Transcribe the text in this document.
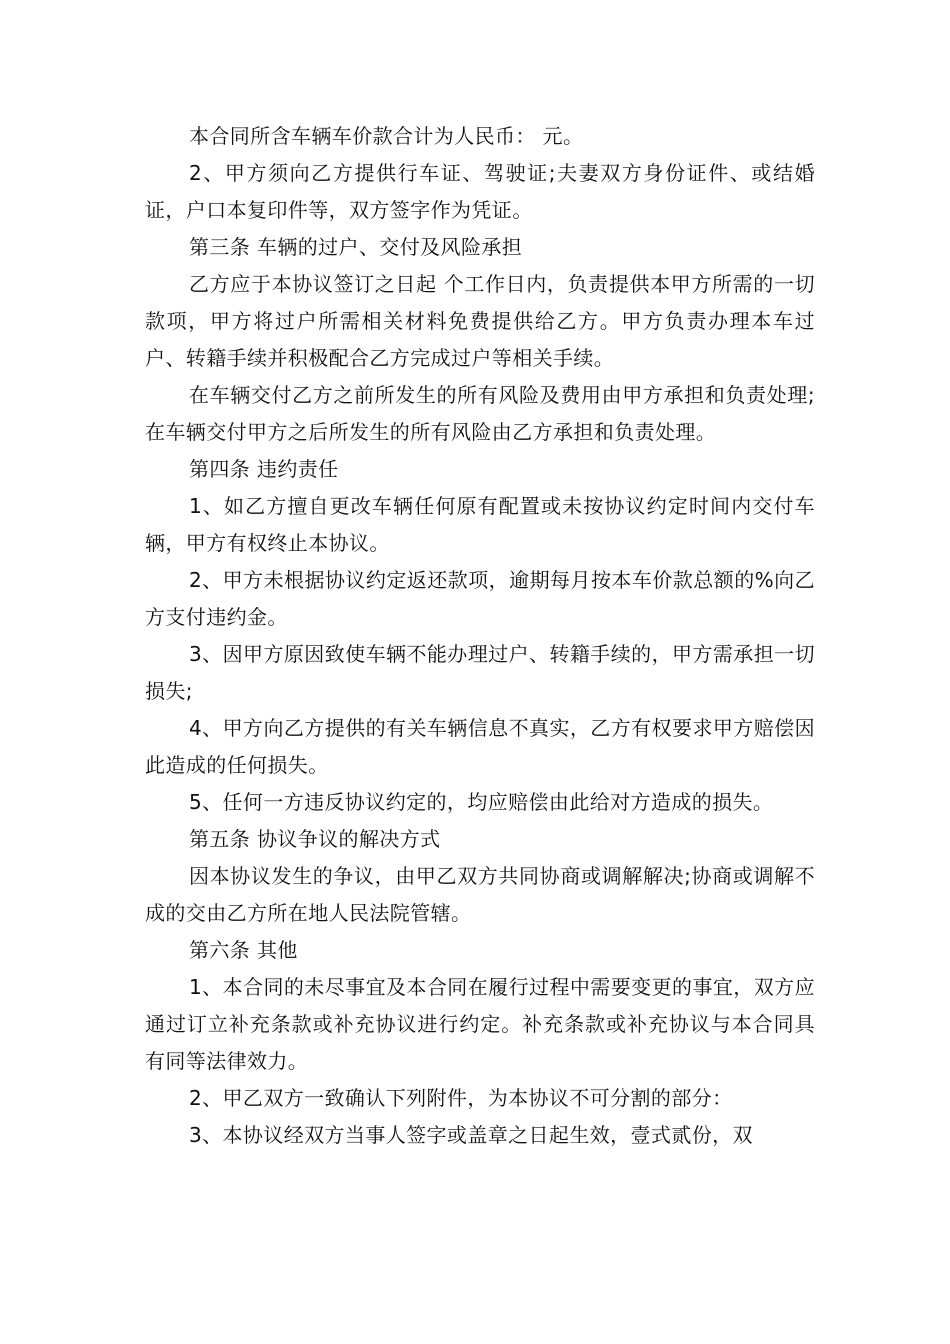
本合同所含车辆车价款合计为人民币： 元。

2、甲方须向乙方提供行车证、驾驶证;夫妻双方身份证件、或结婚证，户口本复印件等，双方签字作为凭证。

第三条 车辆的过户、交付及风险承担

乙方应于本协议签订之日起 个工作日内，负责提供本甲方所需的一切款项，甲方将过户所需相关材料免费提供给乙方。甲方负责办理本车过户、转籍手续并积极配合乙方完成过户等相关手续。

在车辆交付乙方之前所发生的所有风险及费用由甲方承担和负责处理;在车辆交付甲方之后所发生的所有风险由乙方承担和负责处理。

第四条 违约责任

1、如乙方擅自更改车辆任何原有配置或未按协议约定时间内交付车辆，甲方有权终止本协议。

2、甲方未根据协议约定返还款项，逾期每月按本车价款总额的%向乙方支付违约金。

3、因甲方原因致使车辆不能办理过户、转籍手续的，甲方需承担一切损失;

4、甲方向乙方提供的有关车辆信息不真实，乙方有权要求甲方赔偿因此造成的任何损失。

5、任何一方违反协议约定的，均应赔偿由此给对方造成的损失。

第五条 协议争议的解决方式

因本协议发生的争议，由甲乙双方共同协商或调解解决;协商或调解不成的交由乙方所在地人民法院管辖。

第六条 其他

1、本合同的未尽事宜及本合同在履行过程中需要变更的事宜，双方应通过订立补充条款或补充协议进行约定。补充条款或补充协议与本合同具有同等法律效力。

2、甲乙双方一致确认下列附件，为本协议不可分割的部分：

3、本协议经双方当事人签字或盖章之日起生效，壹式贰份，双
